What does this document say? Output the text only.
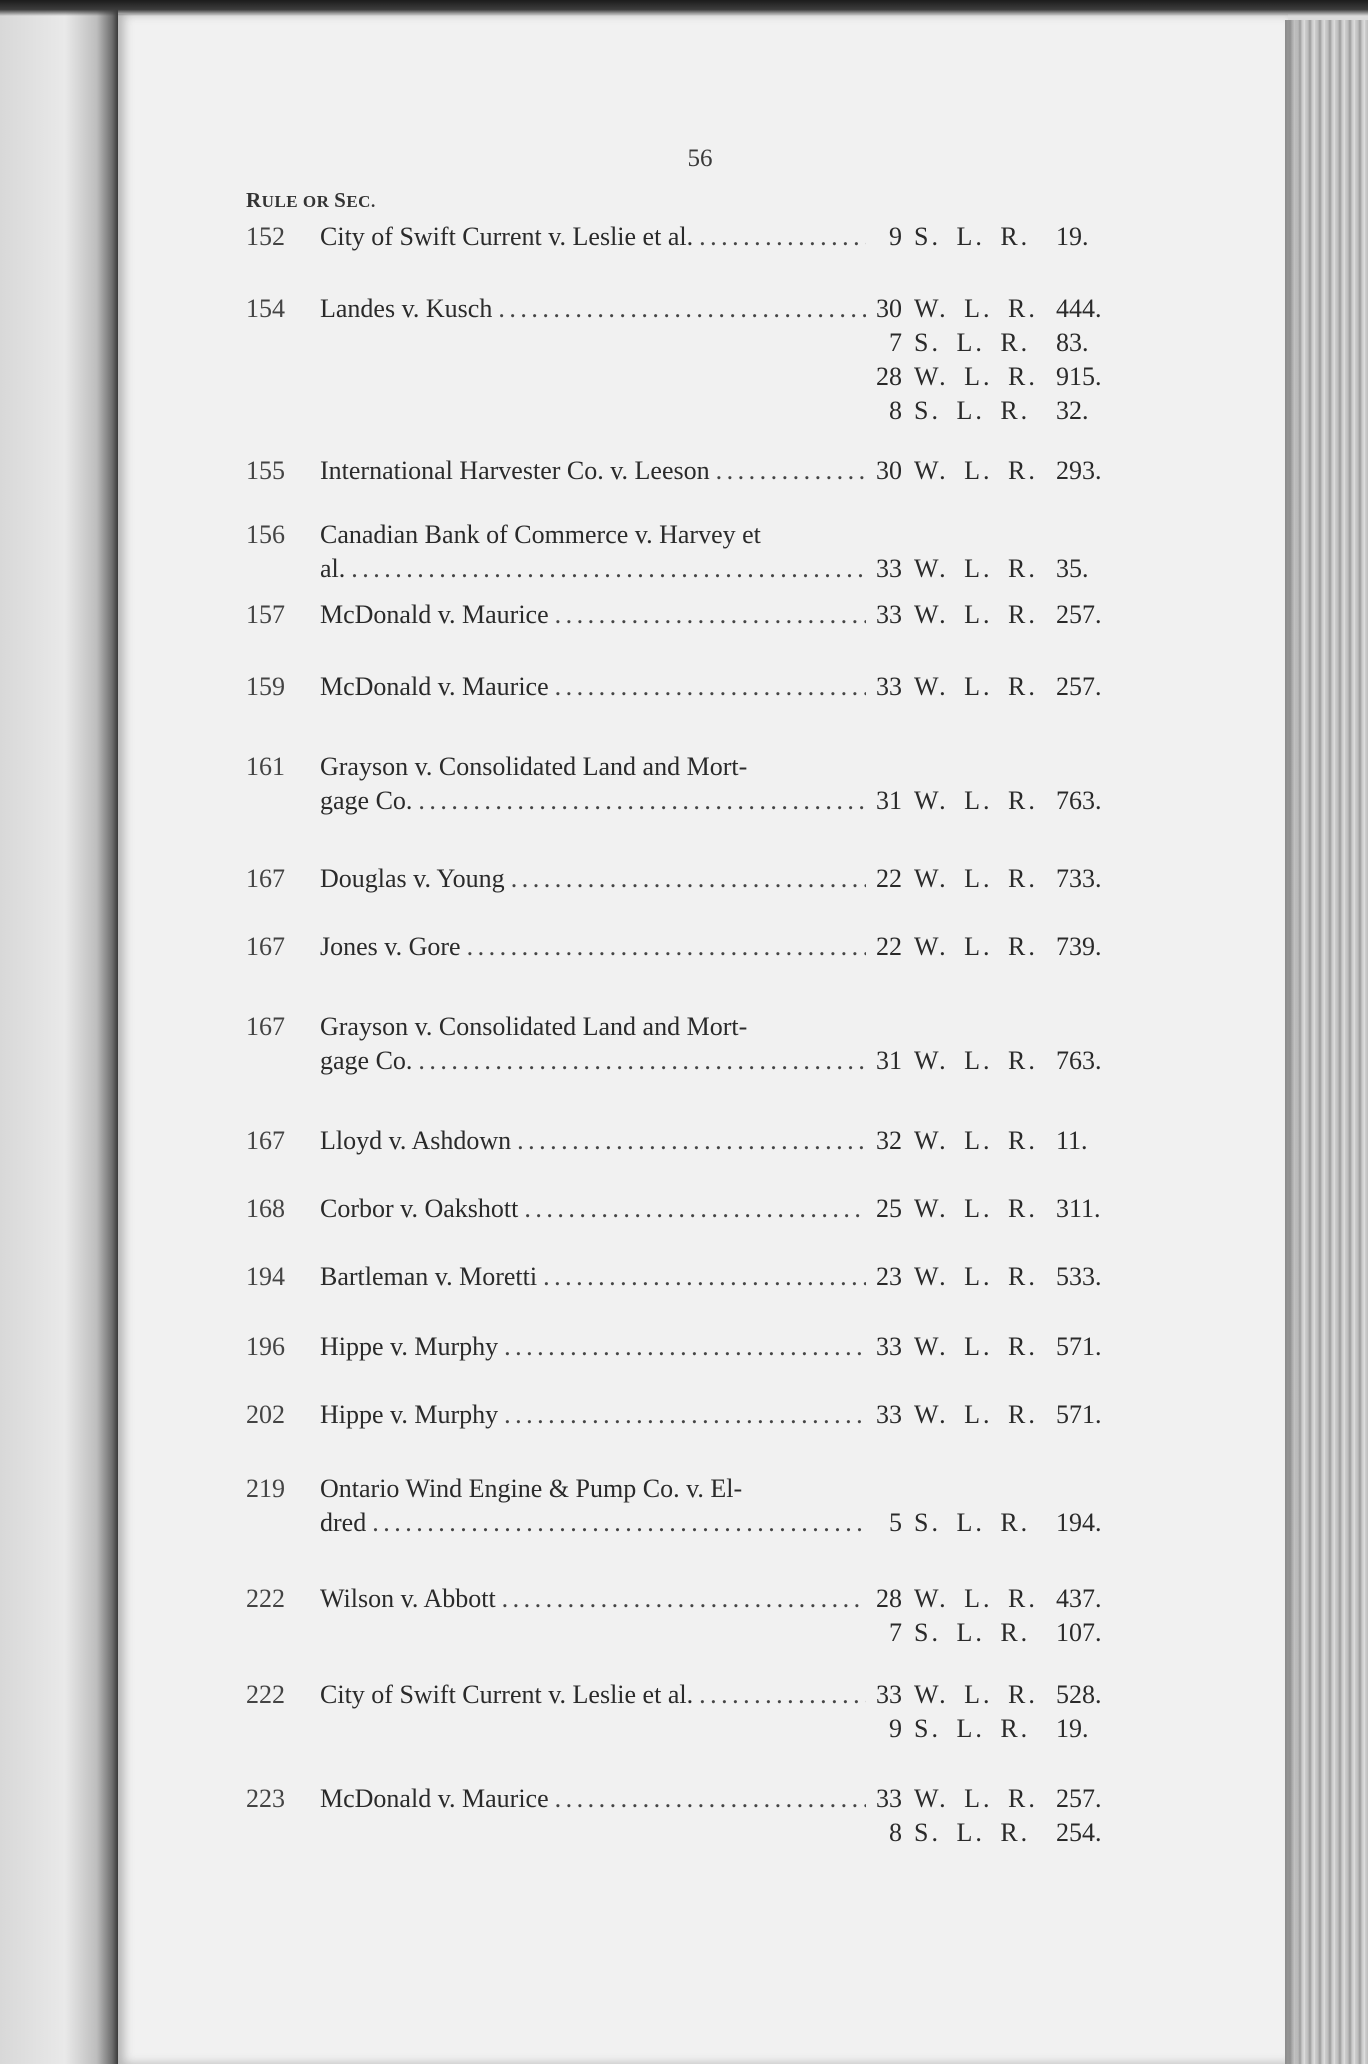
56
RULE OR SEC.
152	City of Swift Current v. Leslie et al. . . .	9 S. L. R. 19.
154	Landes v. Kusch . . .	30 W. L. R. 444.
7 S. L. R. 83.
28 W. L. R. 915.
8 S. L. R. 32.
155	International Harvester Co. v. Leeson . . .	30 W. L. R. 293.
156	Canadian Bank of Commerce v. Harvey et
al. . . .	33 W. L. R. 35.
157	McDonald v. Maurice . . .	33 W. L. R. 257.
159	McDonald v. Maurice . . .	33 W. L. R. 257.
161	Grayson v. Consolidated Land and Mort-
gage Co. . . .	31 W. L. R. 763.
167	Douglas v. Young . . .	22 W. L. R. 733.
167	Jones v. Gore . . .	22 W. L. R. 739.
167	Grayson v. Consolidated Land and Mort-
gage Co. . . .	31 W. L. R. 763.
167	Lloyd v. Ashdown . . .	32 W. L. R. 11.
168	Corbor v. Oakshott . . .	25 W. L. R. 311.
194	Bartleman v. Moretti . . .	23 W. L. R. 533.
196	Hippe v. Murphy . . .	33 W. L. R. 571.
202	Hippe v. Murphy . . .	33 W. L. R. 571.
219	Ontario Wind Engine & Pump Co. v. El-
dred . . .	5 S. L. R. 194.
222	Wilson v. Abbott . . .	28 W. L. R. 437.
7 S. L. R. 107.
222	City of Swift Current v. Leslie et al. . . .	33 W. L. R. 528.
9 S. L. R. 19.
223	McDonald v. Maurice . . .	33 W. L. R. 257.
8 S. L. R. 254.
